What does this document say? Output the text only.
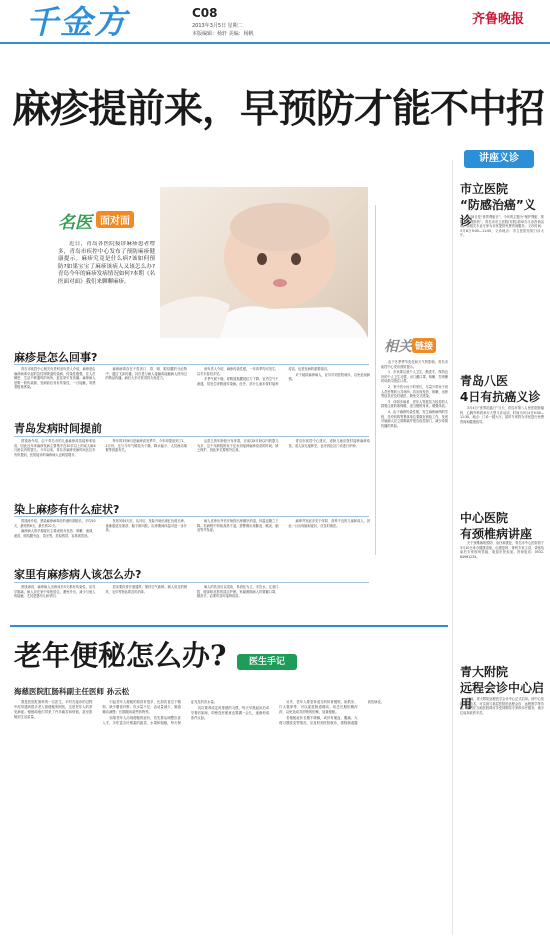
千金方	C08
2013年3月5日 星期二
本版编辑：杨轩 美编：杨帆
齐鲁晚报
麻疹提前来，早预防才能不中招
名医 面对面
近日，青岛各医院接诊麻疹患者增多，青岛市疾控中心发布了预防麻疹健康提示。麻疹究竟是什么病?该如何预防?如果宝宝了麻疹该病人又该怎么办?青岛今年的麻疹发病情况如何?本期《名医面对面》我们来聊聊麻疹。
麻疹是怎么回事?

青岛市疾控中心相关负责科室负责人介绍，麻疹是由麻疹病毒引起的急性呼吸道传染病，传染性极强，在人员稠密、生活不够通风的场所，更容易引发传播。麻疹病人是唯一的传染源，发病前后具有传染性，一旦接触，易感者极易感染。

麻疹病毒存在于患者口、鼻、咽、眼结膜的分泌物中，通过飞沫传播，其次是与病人接触或接触病人使用过的物品传播。病后大多可获得持久免疫力。

该负责人介绍，麻疹传染性强，一年四季均可发生，以冬末春初多见。

冬季气候干燥，呼吸道黏膜抵抗力下降，室内空气不流通，易发生呼吸道传染病。此外，部分儿童未按时接种疫苗，也是发病的重要原因。

对于疑似麻疹病人，应尽早到医院就诊，以免延误病情。

青岛发病时间提前

曾钱涛介绍，由于青岛市的儿童麻疹疫苗接种率较高，因此近年来麻疹发病主要集中在20岁以上的成人和8月龄以内的婴儿。今年以来，青岛市麻疹发病时间比往年有所提前，医院接诊的麻疹病人也明显增多。

每年的3到6月是麻疹高发季节，今年却提前到了1、2月份。这与今年气候较为干燥、降水偏少、人员流动频繁等因素有关。

从患儿的年龄段分布来看，目前以8月龄以内的婴儿为多，这个年龄段的孩子还未到接种麻疹疫苗的时间，缺乏保护，因此家长要格外注意。

青岛市疾控中心建议，适龄儿童应按时接种麻疹疫苗，成人如无接种史，也可到社区门诊进行补种。

染上麻疹有什么症状?

曾钱涛介绍，感染麻疹病毒后的潜伏期较长，平均10天，最短的6天，最长的21天。

麻疹病人的早期症状主要表现为发热、咳嗽、流涕、流泪、眼结膜充血、畏光等，类似感冒，容易被忽视。

发热3到4天后，从耳后、发际开始出现红色斑丘疹，逐渐蔓延至面部、躯干和四肢，出疹期间体温可进一步升高。

病人皮疹出齐后开始按出疹顺序消退，体温也随之下降。若病程中持续高热不退，需警惕出现肺炎、喉炎、脑炎等并发症。

麻疹并发症多见于体弱、营养不良的儿童和成人，因此一旦出现疑似症状，应及时就医。

家里有麻疹病人该怎么办?

曾钱涛说，麻疹病人出疹前后5天都有传染性，应尽早隔离，病人应在家中单独居住，避免外出，减少与他人的接触，尤其是婴幼儿和孕妇。

居室要经常开窗通风，保持空气新鲜。病人用过的餐具、毛巾等物品要及时消毒。

病人的饮食应以清淡、易消化为主，多饮水，注意口腔、眼部和皮肤的清洁护理。家属照顾病人时要戴口罩，勤洗手，必要时及时接种疫苗。

相关 链接

由于冬季季节变化和天气的影响，青岛市疾控中心发布预防提示。

1．市民要注意个人卫生，勤洗手，保持良好的个人卫生习惯，出门戴口罩，咳嗽、打喷嚏时用纸巾捂住口鼻。

2．家中有小孩子的家长，尽量少带孩子到人员密集的公共场所，若出现发热、咳嗽、出疹等症状应及时就医，避免交叉感染。

3．体弱多病者、老年人等抵抗力较差的人群要注意防寒保暖，适当锻炼身体，增强体质。

4．由于麻疹传染性强，发生麻疹病例的学校、托幼机构等集体单位要做好晨检工作，发现可疑病人应立即隔离并报告疾控部门，减少疫情传播的风险。

老年便秘怎么办?	医生手记
海慈医院肛肠科副主任医师 孙云松

我是医院肛肠科的一名医生，平时在接诊的过程中经常遇到很多老人被便秘所困扰，这是老年人的常见病症。便秘给他们带来了许多痛苦和烦恼，甚至影响到生活质量。

引起老年人便秘的原因有很多，比如饮食过于精细，缺少膳食纤维；饮水量不足；活动量减少，肠道蠕动减慢；长期服用某些药物等。

如果老年人出现便秘的症状，首先要从调整饮食入手，多吃富含纤维素的蔬菜、水果和粗粮，每天保证充足的饮水量。

其次要养成定时排便的习惯，每天早晨起床后或早餐后如厕，即使没有便意也要蹲一会儿，逐渐形成条件反射。

另外，老年人要坚持适当的体育锻炼，如散步、打太极拳等，可以促进肠道蠕动。切忌长期依赖泻药，以免造成对药物的依赖，加重便秘。

若便秘症状长期不缓解，或伴有便血、腹痛、大便习惯改变等情况，应及时到医院就诊，排除肠道器质性病变。

讲座义诊
市立医院
“防感治癌”义诊
3月8日是“世界肾脏日”，今年的主题为“保护肾脏，预防急性肾损伤”。青岛市市立医院(东院)将举办义诊咨询活动，由相关专业专家为市民提供免费咨询服务。义诊时间：3月8日9:00—11:00，义诊地点：市立医院东院门诊大厅。
青岛八医
4日有抗癌义诊
3月4日“世界抗癌日”当天，青岛市第八人民医院肿瘤科、心胸外科将举行大型义诊活动，时间为3月4日9:00—11:30，地点：门诊一楼大厅。届时专家将为市民进行免费咨询和健康指导。
中心医院
有颈椎病讲座
关于颈椎病的预防、治疗和康复，青岛市中心医院将于3月10日举办健康讲座，由康复科、骨科专家主讲，讲座结束后专家现场答疑，欢迎市民参加。咨询电话：0532-84961234。
青大附院
远程会诊中心启用
日前，青大附院远程医学会诊中心正式启用。该中心依托网络技术，可实现与基层医院的远程会诊、远程教学等功能，患者在当地医院即可享受到附院专家的诊疗服务，减少往返奔波的辛苦。
